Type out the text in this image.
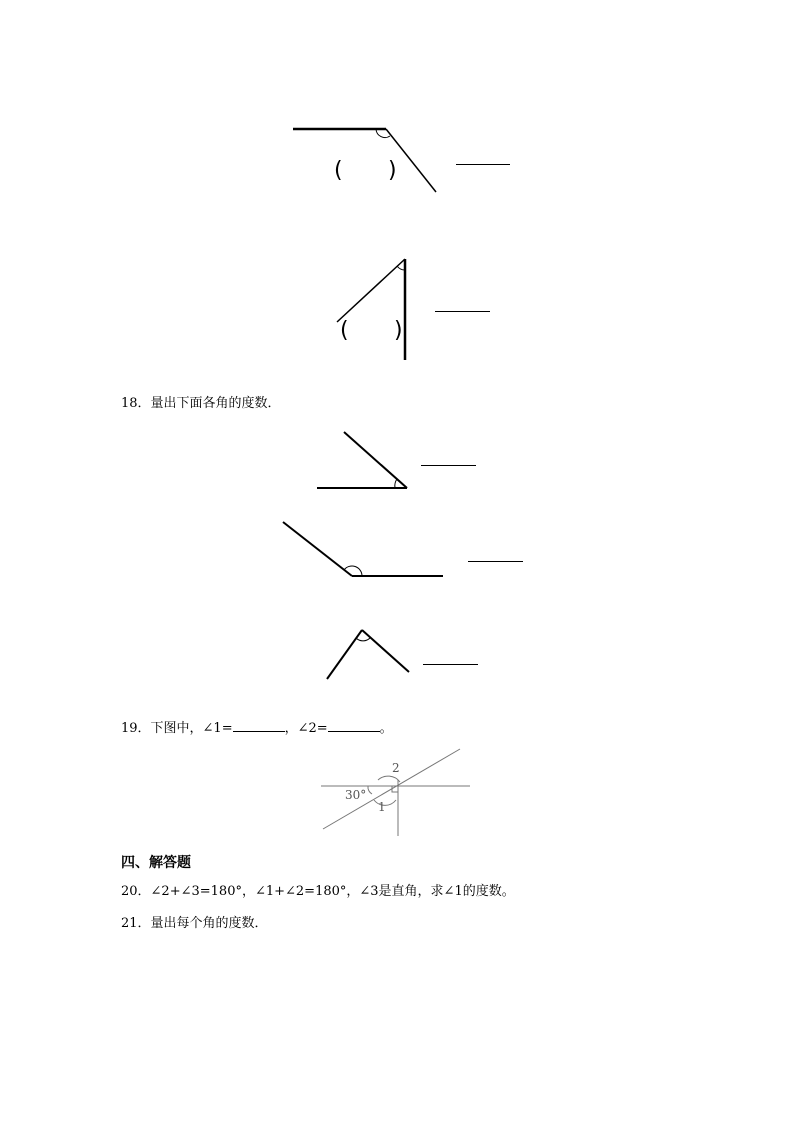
( )
( )
18．量出下面各角的度数．
19．下图中，∠1=	，∠2=	。
30°
1
2
四、解答题
20．∠2+∠3=180°，∠1+∠2=180°，∠3是直角，求∠1的度数。
21．量出每个角的度数．
